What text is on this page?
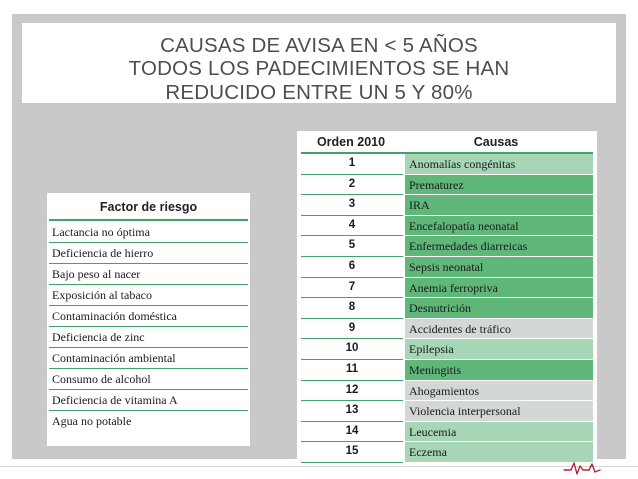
CAUSAS DE AVISA EN < 5 AÑOS
TODOS LOS PADECIMIENTOS SE HAN
REDUCIDO ENTRE UN 5 Y 80%
Factor de riesgo
Lactancia no óptima
Deficiencia de hierro
Bajo peso al nacer
Exposición al tabaco
Contaminación doméstica
Deficiencia de zinc
Contaminación ambiental
Consumo de alcohol
Deficiencia de vitamina A
Agua no potable
Orden 2010	Causas
1	Anomalías congénitas
2	Prematurez
3	IRA
4	Encefalopatía neonatal
5	Enfermedades diarreicas
6	Sepsis neonatal
7	Anemia ferropriva
8	Desnutrición
9	Accidentes de tráfico
10	Epilepsia
11	Meningitis
12	Ahogamientos
13	Violencia interpersonal
14	Leucemia
15	Eczema
